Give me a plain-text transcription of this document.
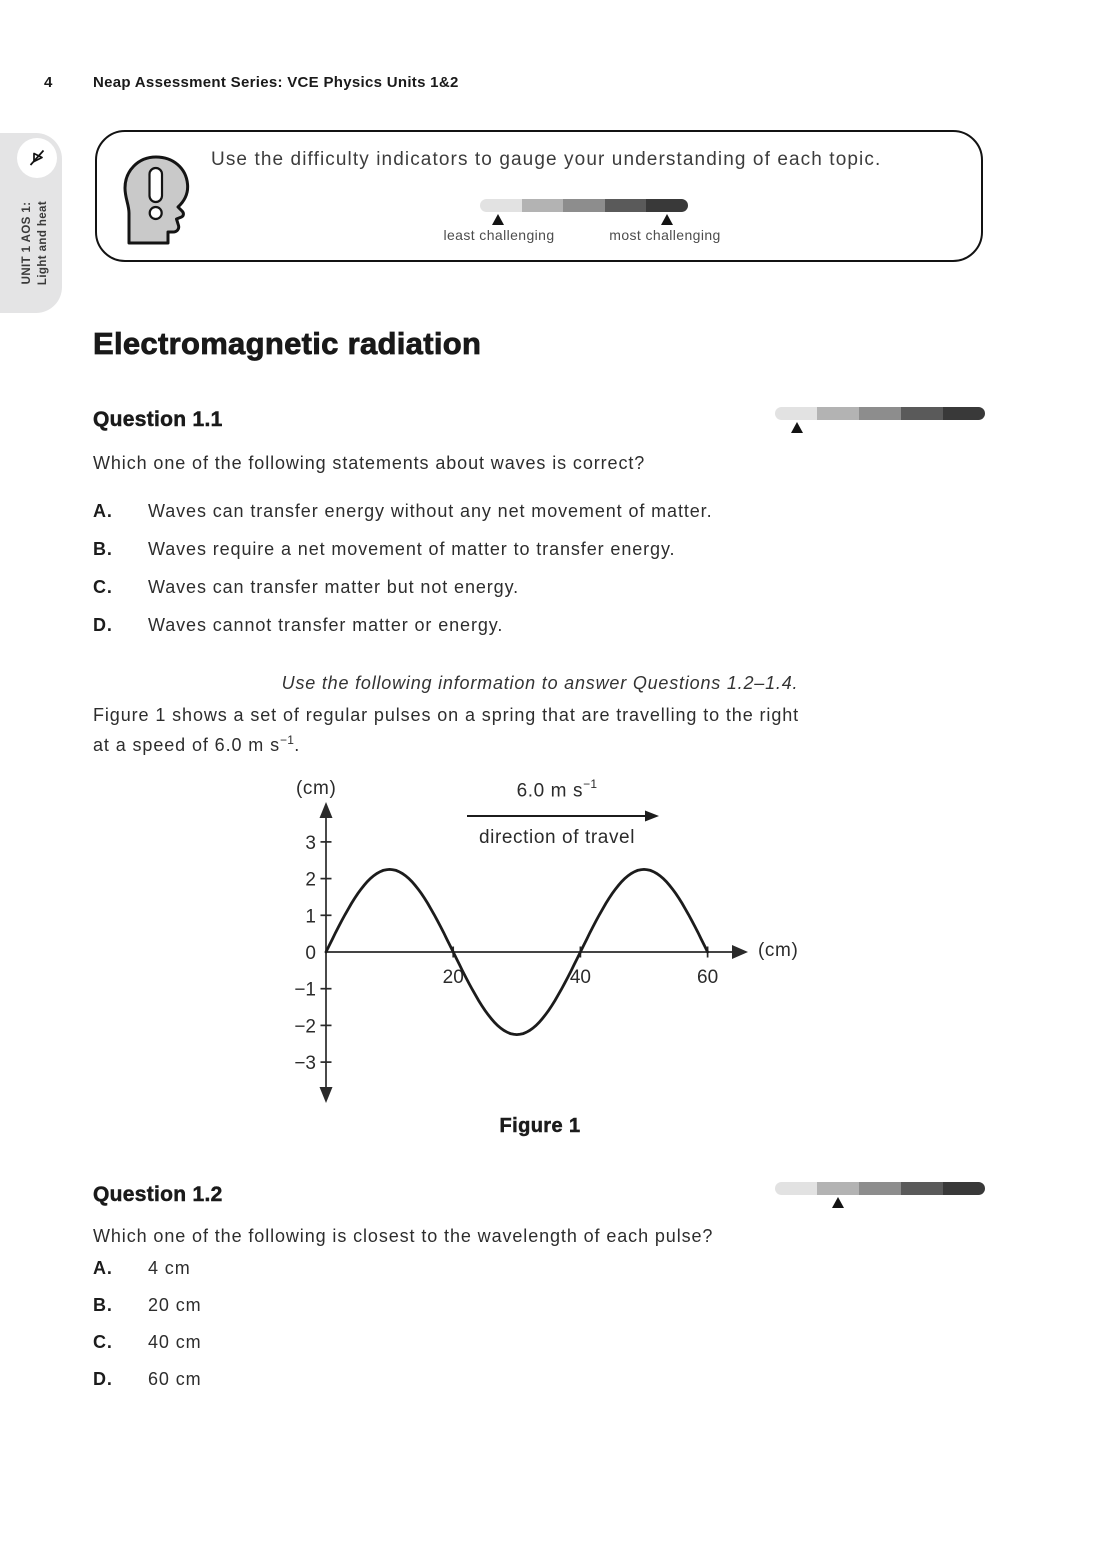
4	Neap Assessment Series: VCE Physics Units 1&2
UNIT 1 AOS 1: Light and heat
Use the difficulty indicators to gauge your understanding of each topic.
least challenging	most challenging
Electromagnetic radiation
Question 1.1
Which one of the following statements about waves is correct?
A.	Waves can transfer energy without any net movement of matter.
B.	Waves require a net movement of matter to transfer energy.
C.	Waves can transfer matter but not energy.
D.	Waves cannot transfer matter or energy.
Use the following information to answer Questions 1.2–1.4.
Figure 1 shows a set of regular pulses on a spring that are travelling to the right
at a speed of 6.0 m $s^{-1}$.
3
2
1
0
−1
−2
−3
20	40	60
(cm)
(cm)
6.0 m $s^{-1}$
direction of travel
Figure 1
Question 1.2
Which one of the following is closest to the wavelength of each pulse?
A.	4 cm
B.	20 cm
C.	40 cm
D.	60 cm
